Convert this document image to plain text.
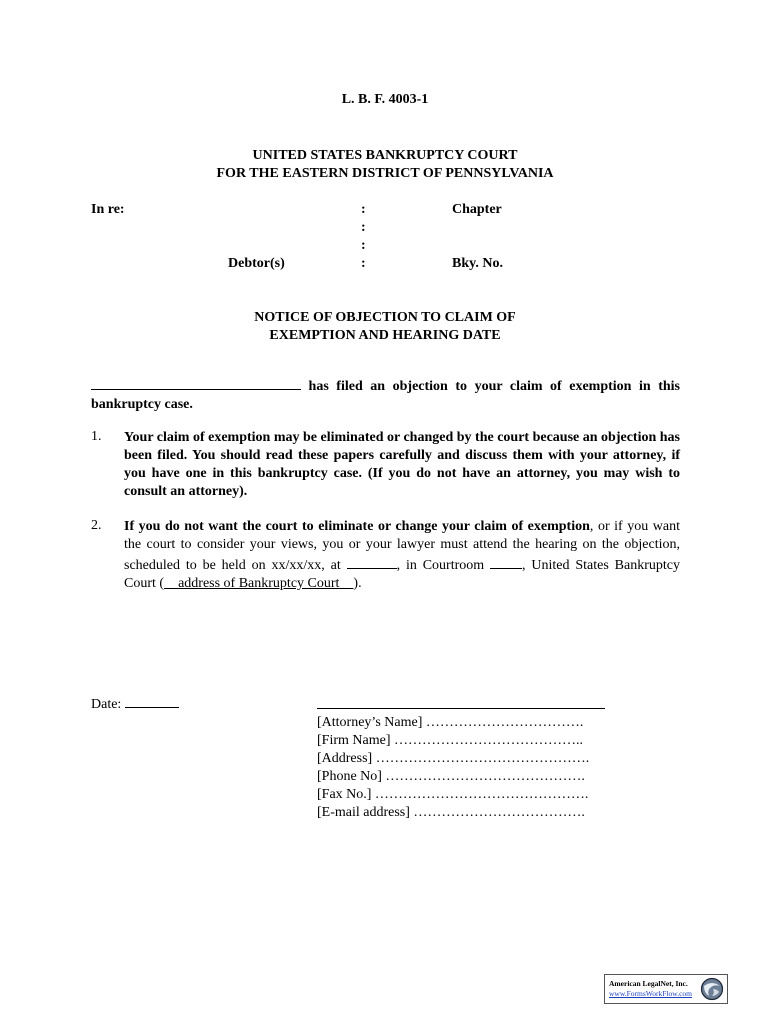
L. B. F. 4003-1
UNITED STATES BANKRUPTCY COURT
FOR THE EASTERN DISTRICT OF PENNSYLVANIA
In re:
Debtor(s)
:
:
:
:
Chapter
Bky. No.
NOTICE OF OBJECTION TO CLAIM OF
EXEMPTION AND HEARING DATE

has filed an objection to your claim of exemption in this bankruptcy case.

1. Your claim of exemption may be eliminated or changed by the court because an objection has been filed. You should read these papers carefully and discuss them with your attorney, if you have one in this bankruptcy case. (If you do not have an attorney, you may wish to consult an attorney).

2. If you do not want the court to eliminate or change your claim of exemption, or if you want the court to consider your views, you or your lawyer must attend the hearing on the objection, scheduled to be held on xx/xx/xx, at	, in Courtroom , United States Bankruptcy Court ( address of Bankruptcy Court ).

Date:
[Attorney’s Name] …………………………….
[Firm Name] …………………………………..
[Address] ……………………………………….
[Phone No] …………………………………….
[Fax No.] ……………………………………….
[E-mail address] ……………………………….
American LegalNet, Inc.
www.FormsWorkFlow.com
